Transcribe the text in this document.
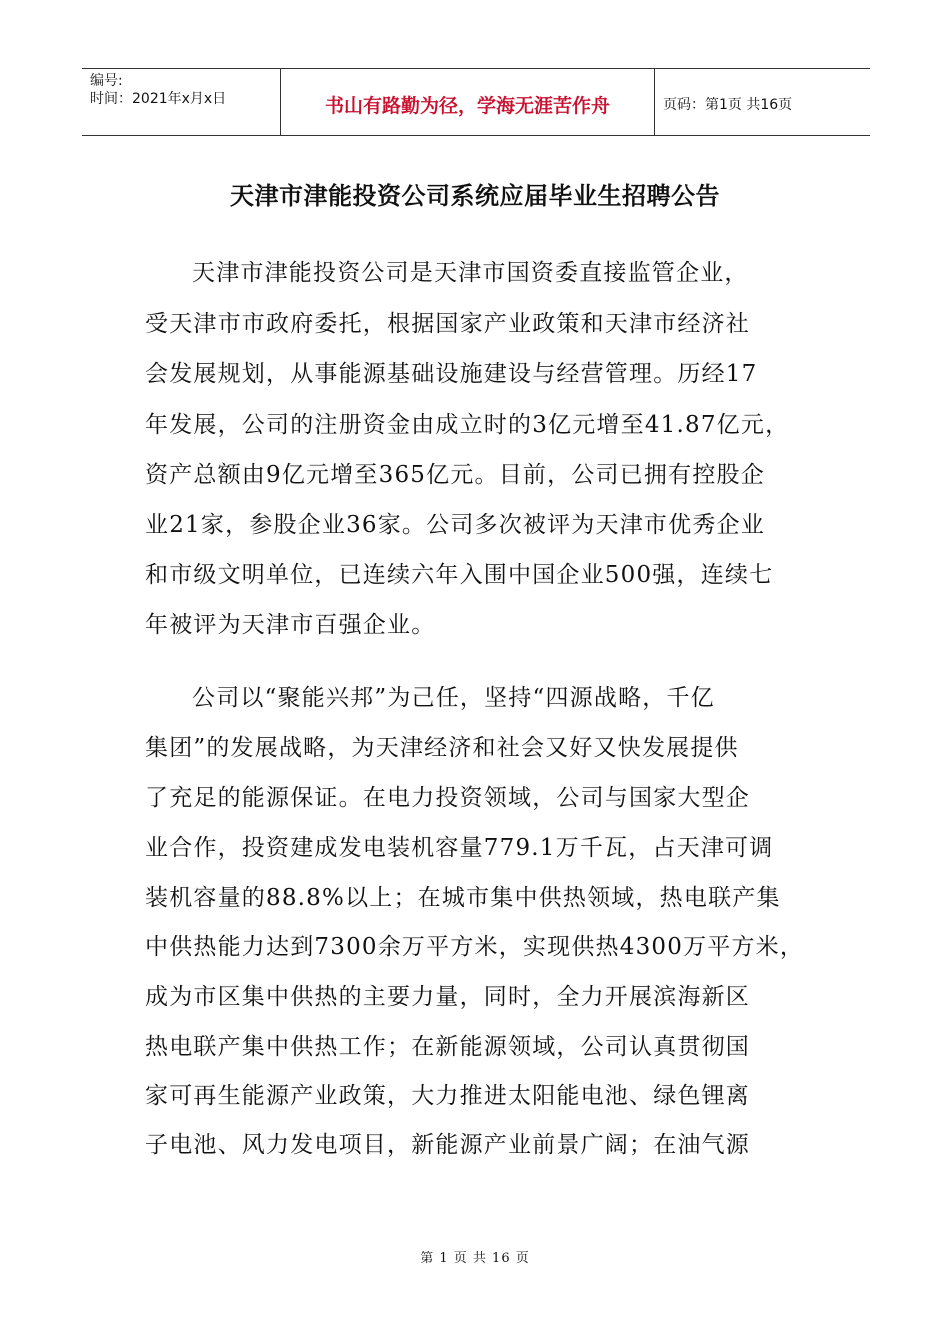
编号:
时间：2021年x月x日	书山有路勤为径，学海无涯苦作舟	页码：第1页 共16页
天津市津能投资公司系统应届毕业生招聘公告

天津市津能投资公司是天津市国资委直接监管企业，

受天津市市政府委托，根据国家产业政策和天津市经济社

会发展规划，从事能源基础设施建设与经营管理。历经17

年发展，公司的注册资金由成立时的3亿元增至41.87亿元，

资产总额由9亿元增至365亿元。目前，公司已拥有控股企

业21家，参股企业36家。公司多次被评为天津市优秀企业

和市级文明单位，已连续六年入围中国企业500强，连续七

年被评为天津市百强企业。

公司以“聚能兴邦”为己任，坚持“四源战略，千亿

集团”的发展战略，为天津经济和社会又好又快发展提供

了充足的能源保证。在电力投资领域，公司与国家大型企

业合作，投资建成发电装机容量779.1万千瓦，占天津可调

装机容量的88.8%以上；在城市集中供热领域，热电联产集

中供热能力达到7300余万平方米，实现供热4300万平方米，

成为市区集中供热的主要力量，同时，全力开展滨海新区

热电联产集中供热工作；在新能源领域，公司认真贯彻国

家可再生能源产业政策，大力推进太阳能电池、绿色锂离

子电池、风力发电项目，新能源产业前景广阔；在油气源

第 1 页 共 16 页
